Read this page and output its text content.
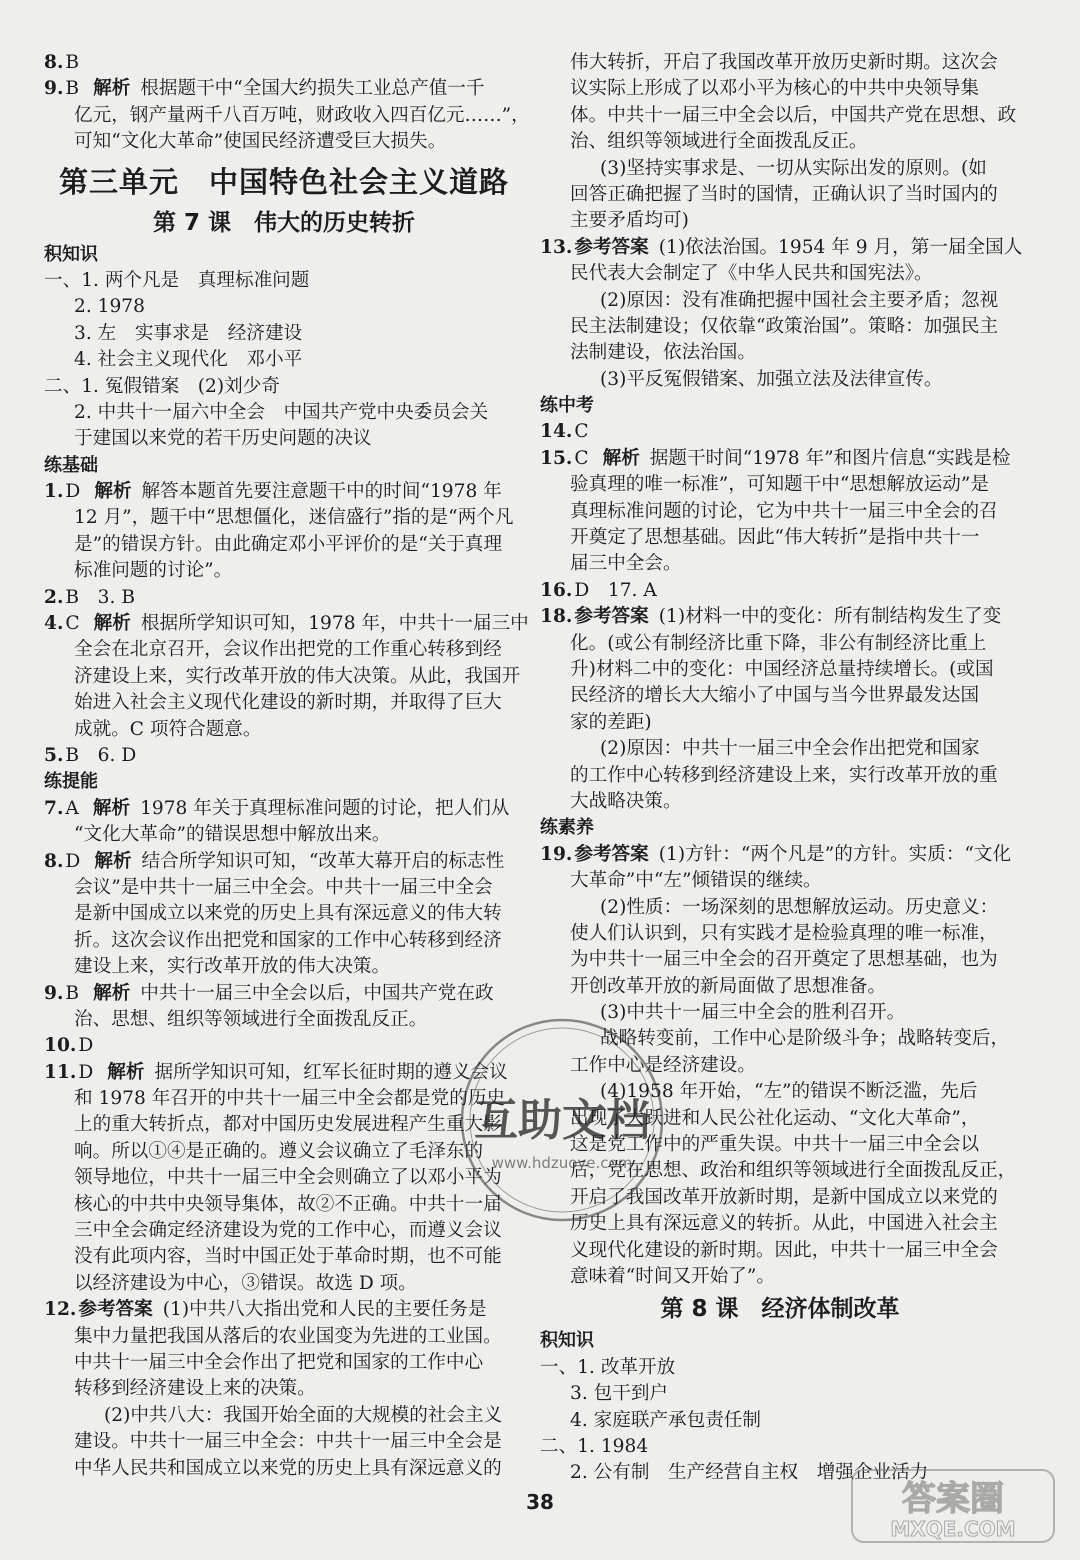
8. B
9. B 解析 根据题干中“全国大约损失工业总产值一千
亿元，钢产量两千八百万吨，财政收入四百亿元……”，
可知“文化大革命”使国民经济遭受巨大损失。
第三单元　中国特色社会主义道路
第 7 课　伟大的历史转折
积知识
一、1. 两个凡是　真理标准问题
2. 1978
3. 左　实事求是　经济建设
4. 社会主义现代化　邓小平
二、1. 冤假错案　(2)刘少奇
2. 中共十一届六中全会　中国共产党中央委员会关
于建国以来党的若干历史问题的决议
练基础
1. D 解析 解答本题首先要注意题干中的时间“1978 年
12 月”，题干中“思想僵化，迷信盛行”指的是“两个凡
是”的错误方针。由此确定邓小平评价的是“关于真理
标准问题的讨论”。
2. B　3. B
4. C 解析 根据所学知识可知，1978 年，中共十一届三中
全会在北京召开，会议作出把党的工作重心转移到经
济建设上来，实行改革开放的伟大决策。从此，我国开
始进入社会主义现代化建设的新时期，并取得了巨大
成就。C 项符合题意。
5. B　6. D
练提能
7. A 解析 1978 年关于真理标准问题的讨论，把人们从
“文化大革命”的错误思想中解放出来。
8. D 解析 结合所学知识可知，“改革大幕开启的标志性
会议”是中共十一届三中全会。中共十一届三中全会
是新中国成立以来党的历史上具有深远意义的伟大转
折。这次会议作出把党和国家的工作中心转移到经济
建设上来，实行改革开放的伟大决策。
9. B 解析 中共十一届三中全会以后，中国共产党在政
治、思想、组织等领域进行全面拨乱反正。
10. D
11. D 解析 据所学知识可知，红军长征时期的遵义会议
和 1978 年召开的中共十一届三中全会都是党的历史
上的重大转折点，都对中国历史发展进程产生重大影
响。所以①④是正确的。遵义会议确立了毛泽东的
领导地位，中共十一届三中全会则确立了以邓小平为
核心的中共中央领导集体，故②不正确。中共十一届
三中全会确定经济建设为党的工作中心，而遵义会议
没有此项内容，当时中国正处于革命时期，也不可能
以经济建设为中心，③错误。故选 D 项。
12. 参考答案 (1)中共八大指出党和人民的主要任务是
集中力量把我国从落后的农业国变为先进的工业国。
中共十一届三中全会作出了把党和国家的工作中心
转移到经济建设上来的决策。
(2)中共八大：我国开始全面的大规模的社会主义
建设。中共十一届三中全会：中共十一届三中全会是
中华人民共和国成立以来党的历史上具有深远意义的
伟大转折，开启了我国改革开放历史新时期。这次会
议实际上形成了以邓小平为核心的中共中央领导集
体。中共十一届三中全会以后，中国共产党在思想、政
治、组织等领域进行全面拨乱反正。
(3)坚持实事求是、一切从实际出发的原则。(如
回答正确把握了当时的国情，正确认识了当时国内的
主要矛盾均可)
13. 参考答案 (1)依法治国。1954 年 9 月，第一届全国人
民代表大会制定了《中华人民共和国宪法》。
(2)原因：没有准确把握中国社会主要矛盾；忽视
民主法制建设；仅依靠“政策治国”。策略：加强民主
法制建设，依法治国。
(3)平反冤假错案、加强立法及法律宣传。
练中考
14. C
15. C 解析 据题干时间“1978 年”和图片信息“实践是检
验真理的唯一标准”，可知题干中“思想解放运动”是
真理标准问题的讨论，它为中共十一届三中全会的召
开奠定了思想基础。因此“伟大转折”是指中共十一
届三中全会。
16. D　17. A
18. 参考答案 (1)材料一中的变化：所有制结构发生了变
化。(或公有制经济比重下降，非公有制经济比重上
升)材料二中的变化：中国经济总量持续增长。(或国
民经济的增长大大缩小了中国与当今世界最发达国
家的差距)
(2)原因：中共十一届三中全会作出把党和国家
的工作中心转移到经济建设上来，实行改革开放的重
大战略决策。
练素养
19. 参考答案 (1)方针：“两个凡是”的方针。实质：“文化
大革命”中“左”倾错误的继续。
(2)性质：一场深刻的思想解放运动。历史意义：
使人们认识到，只有实践才是检验真理的唯一标准，
为中共十一届三中全会的召开奠定了思想基础，也为
开创改革开放的新局面做了思想准备。
(3)中共十一届三中全会的胜利召开。
战略转变前，工作中心是阶级斗争；战略转变后，
工作中心是经济建设。
(4)1958 年开始，“左”的错误不断泛滥，先后
出现了大跃进和人民公社化运动、“文化大革命”，
这是党工作中的严重失误。中共十一届三中全会以
后，党在思想、政治和组织等领域进行全面拨乱反正，
开启了我国改革开放新时期，是新中国成立以来党的
历史上具有深远意义的转折。从此，中国进入社会主
义现代化建设的新时期。因此，中共十一届三中全会
意味着“时间又开始了”。
第 8 课　经济体制改革
积知识
一、1. 改革开放
3. 包干到户
4. 家庭联产承包责任制
二、1. 1984
2. 公有制　生产经营自主权　增强企业活力
38
互助文档
www.hdzuoye.com
答案圈
MXQE.COM
